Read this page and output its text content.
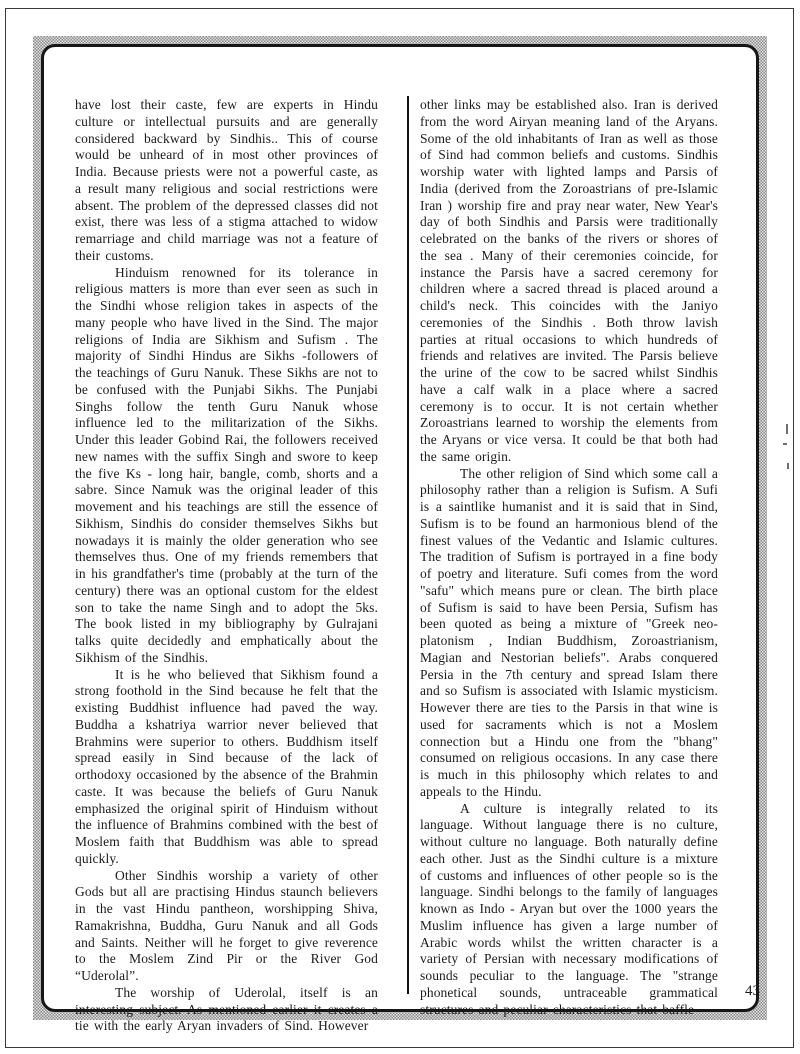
have lost their caste, few are experts in Hindu culture or intellectual pursuits and are generally considered backward by Sindhis.. This of course would be unheard of in most other provinces of India. Because priests were not a powerful caste, as a result many religious and social restrictions were absent. The problem of the depressed classes did not exist, there was less of a stigma attached to widow remarriage and child marriage was not a feature of their customs.

Hinduism renowned for its tolerance in religious matters is more than ever seen as such in the Sindhi whose religion takes in aspects of the many people who have lived in the Sind. The major religions of India are Sikhism and Sufism . The majority of Sindhi Hindus are Sikhs -followers of the teachings of Guru Nanuk. These Sikhs are not to be confused with the Punjabi Sikhs. The Punjabi Singhs follow the tenth Guru Nanuk whose influence led to the militarization of the Sikhs. Under this leader Gobind Rai, the followers received new names with the suffix Singh and swore to keep the five Ks - long hair, bangle, comb, shorts and a sabre. Since Namuk was the original leader of this movement and his teachings are still the essence of Sikhism, Sindhis do consider themselves Sikhs but nowadays it is mainly the older generation who see themselves thus. One of my friends remembers that in his grandfather's time (probably at the turn of the century) there was an optional custom for the eldest son to take the name Singh and to adopt the 5ks. The book listed in my bibliography by Gulrajani talks quite decidedly and emphatically about the Sikhism of the Sindhis.

It is he who believed that Sikhism found a strong foothold in the Sind because he felt that the existing Buddhist influence had paved the way. Buddha a kshatriya warrior never believed that Brahmins were superior to others. Buddhism itself spread easily in Sind because of the lack of orthodoxy occasioned by the absence of the Brahmin caste. It was because the beliefs of Guru Nanuk emphasized the original spirit of Hinduism without the influence of Brahmins combined with the best of Moslem faith that Buddhism was able to spread quickly.

Other Sindhis worship a variety of other Gods but all are practising Hindus staunch believers in the vast Hindu pantheon, worshipping Shiva, Ramakrishna, Buddha, Guru Nanuk and all Gods and Saints. Neither will he forget to give reverence to the Moslem Zind Pir or the River God “Uderolal”.

The worship of Uderolal, itself is an interesting subject. As mentioned earlier it creates a tie with the early Aryan invaders of Sind. However

other links may be established also. Iran is derived from the word Airyan meaning land of the Aryans. Some of the old inhabitants of Iran as well as those of Sind had common beliefs and customs. Sindhis worship water with lighted lamps and Parsis of India (derived from the Zoroastrians of pre-Islamic Iran ) worship fire and pray near water, New Year's day of both Sindhis and Parsis were traditionally celebrated on the banks of the rivers or shores of the sea . Many of their ceremonies coincide, for instance the Parsis have a sacred ceremony for children where a sacred thread is placed around a child's neck. This coincides with the Janiyo ceremonies of the Sindhis . Both throw lavish parties at ritual occasions to which hundreds of friends and relatives are invited. The Parsis believe the urine of the cow to be sacred whilst Sindhis have a calf walk in a place where a sacred ceremony is to occur. It is not certain whether Zoroastrians learned to worship the elements from the Aryans or vice versa. It could be that both had the same origin.

The other religion of Sind which some call a philosophy rather than a religion is Sufism. A Sufi is a saintlike humanist and it is said that in Sind, Sufism is to be found an harmonious blend of the finest values of the Vedantic and Islamic cultures. The tradition of Sufism is portrayed in a fine body of poetry and literature. Sufi comes from the word "safu" which means pure or clean. The birth place of Sufism is said to have been Persia, Sufism has been quoted as being a mixture of "Greek neo-platonism , Indian Buddhism, Zoroastrianism, Magian and Nestorian beliefs". Arabs conquered Persia in the 7th century and spread Islam there and so Sufism is associated with Islamic mysticism. However there are ties to the Parsis in that wine is used for sacraments which is not a Moslem connection but a Hindu one from the "bhang" consumed on religious occasions. In any case there is much in this philosophy which relates to and appeals to the Hindu.

A culture is integrally related to its language. Without language there is no culture, without culture no language. Both naturally define each other. Just as the Sindhi culture is a mixture of customs and influences of other people so is the language. Sindhi belongs to the family of languages known as Indo - Aryan but over the 1000 years the Muslim influence has given a large number of Arabic words whilst the written character is a variety of Persian with necessary modifications of sounds peculiar to the language. The "strange phonetical sounds, untraceable grammatical structures and peculiar characteristics that baffle

43
